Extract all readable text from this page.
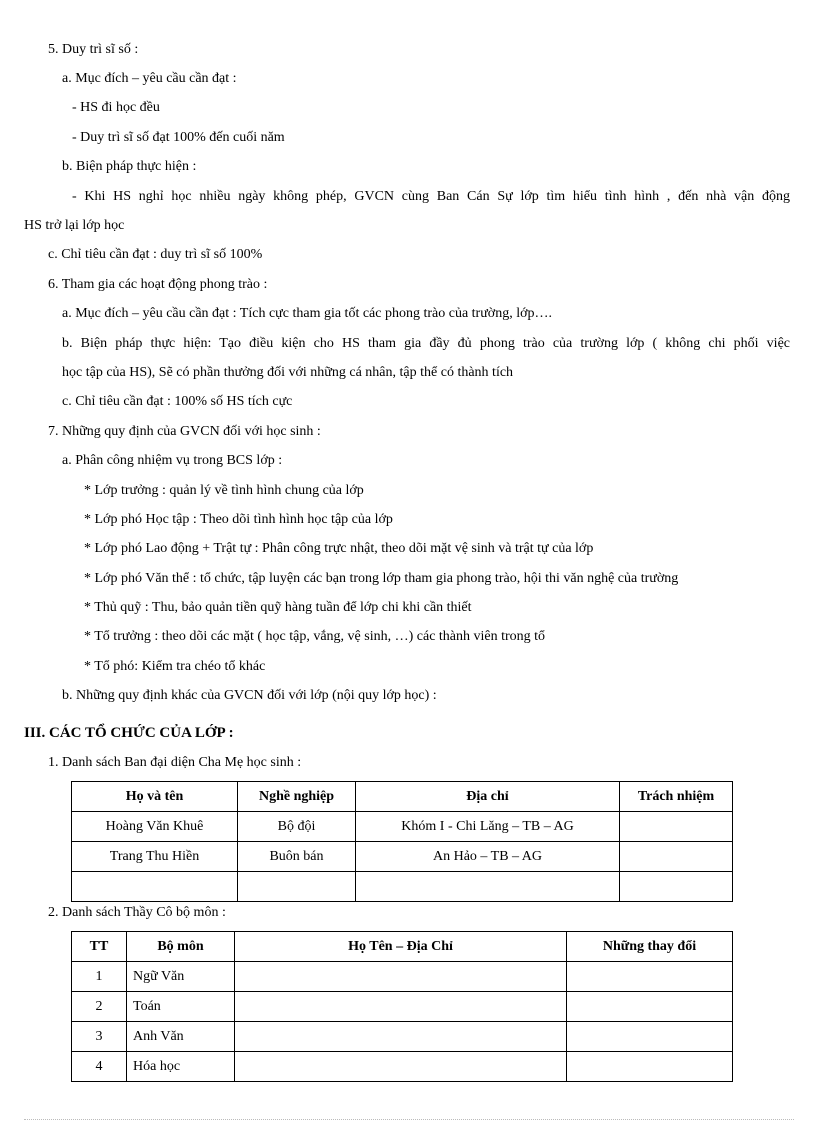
5. Duy trì sĩ số :
a. Mục đích – yêu cầu cần đạt :
- HS đi học đều
- Duy trì sĩ số đạt 100% đến cuối năm
b. Biện pháp thực hiện :
- Khi HS nghỉ học nhiều ngày không phép, GVCN cùng Ban Cán Sự lớp tìm hiểu tình hình , đến nhà vận động
HS trở lại lớp học
c. Chỉ tiêu cần đạt : duy trì sĩ số 100%
6. Tham gia các hoạt động phong trào :
a. Mục đích – yêu cầu cần đạt : Tích cực tham gia tốt các phong trào của trường, lớp….
b. Biện pháp thực hiện: Tạo điều kiện cho HS tham gia đầy đủ phong trào của trường lớp ( không chi phối việc
học tập của HS), Sẽ có phần thưởng đối với những cá nhân, tập thể có thành tích
c. Chỉ tiêu cần đạt : 100% số HS tích cực
7. Những quy định của GVCN đối với học sinh :
a. Phân công nhiệm vụ trong BCS lớp :
* Lớp trưởng : quản lý về tình hình chung của lớp
* Lớp phó Học tập : Theo dõi tình hình học tập của lớp
* Lớp phó Lao động + Trật tự : Phân công trực nhật, theo dõi mặt vệ sinh và trật tự của lớp
* Lớp phó Văn thể : tổ chức, tập luyện các bạn trong lớp tham gia phong trào, hội thi văn nghệ của trường
* Thủ quỹ : Thu, bảo quản tiền quỹ hàng tuần để lớp chi khi cần thiết
* Tổ trưởng : theo dõi các mặt ( học tập, vắng, vệ sinh, …) các thành viên trong tổ
* Tổ phó: Kiểm tra chéo tổ khác
b. Những quy định khác của GVCN đối với lớp (nội quy lớp học) :
III. CÁC TỔ CHỨC CỦA LỚP :
1. Danh sách Ban đại diện Cha Mẹ học sinh :
Họ và tên	Nghề nghiệp	Địa chỉ	Trách nhiệm
Hoàng Văn Khuê	Bộ đội	Khóm I - Chi Lăng – TB – AG	
Trang Thu Hiền	Buôn bán	An Hảo – TB – AG	

2. Danh sách Thầy Cô bộ môn :
TT	Bộ môn	Họ Tên – Địa Chỉ	Những thay đổi
1	Ngữ Văn		
2	Toán		
3	Anh Văn		
4	Hóa học		
